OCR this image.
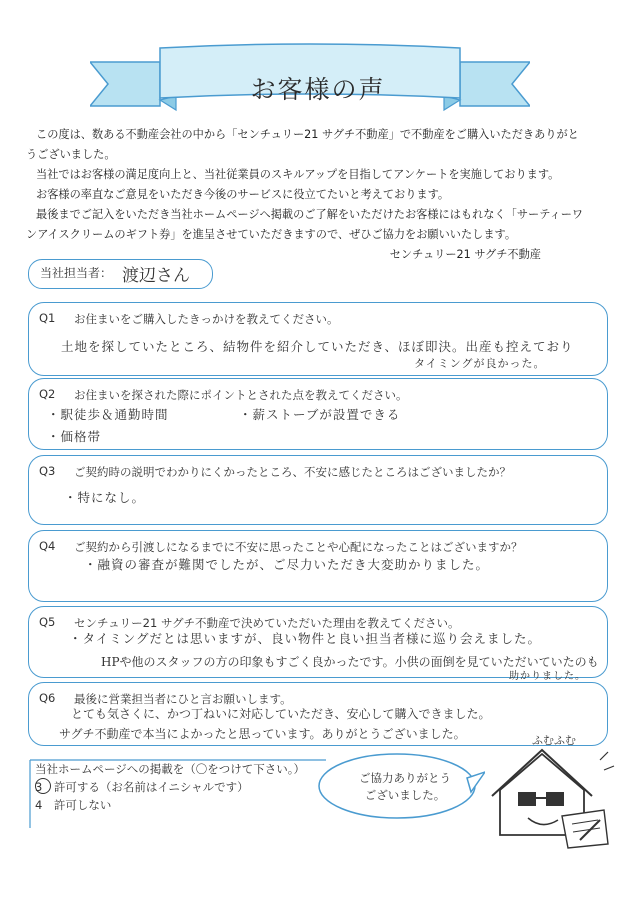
お客様の声

この度は、数ある不動産会社の中から「センチュリー21 サグチ不動産」で不動産をご購入いただきありがと

うございました。

当社ではお客様の満足度向上と、当社従業員のスキルアップを目指してアンケートを実施しております。

お客様の率直なご意見をいただき今後のサービスに役立てたいと考えております。

最後までご記入をいただき当社ホームページへ掲載のご了解をいただけたお客様にはもれなく「サーティーワ

ンアイスクリームのギフト券」を進呈させていただきますので、ぜひご協力をお願いいたします。

センチュリー21 サグチ不動産

当社担当者： 渡辺さん
Q1 お住まいをご購入したきっかけを教えてください。
土地を探していたところ、結物件を紹介していただき、ほぼ即決。出産も控えており
タイミングが良かった。
Q2 お住まいを探された際にポイントとされた点を教えてください。
・駅徒歩＆通勤時間	・薪ストーブが設置できる
・価格帯
Q3 ご契約時の説明でわかりにくかったところ、不安に感じたところはございましたか？
・特になし。
Q4 ご契約から引渡しになるまでに不安に思ったことや心配になったことはございますか？
・融資の審査が難関でしたが、ご尽力いただき大変助かりました。
Q5 センチュリー21 サグチ不動産で決めていただいた理由を教えてください。
・タイミングだとは思いますが、良い物件と良い担当者様に巡り会えました。
HPや他のスタッフの方の印象もすごく良かったです。小供の面倒を見ていただいていたのも
助かりました。
Q6 最後に営業担当者にひと言お願いします。
とても気さくに、かつ丁ねいに対応していただき、安心して購入できました。
サグチ不動産で本当によかったと思っています。ありがとうございました。
当社ホームページへの掲載を（〇をつけて下さい。）
3　許可する（お名前はイニシャルです）
4　許可しない
ご協力ありがとう
ございました。
ふむふむ
